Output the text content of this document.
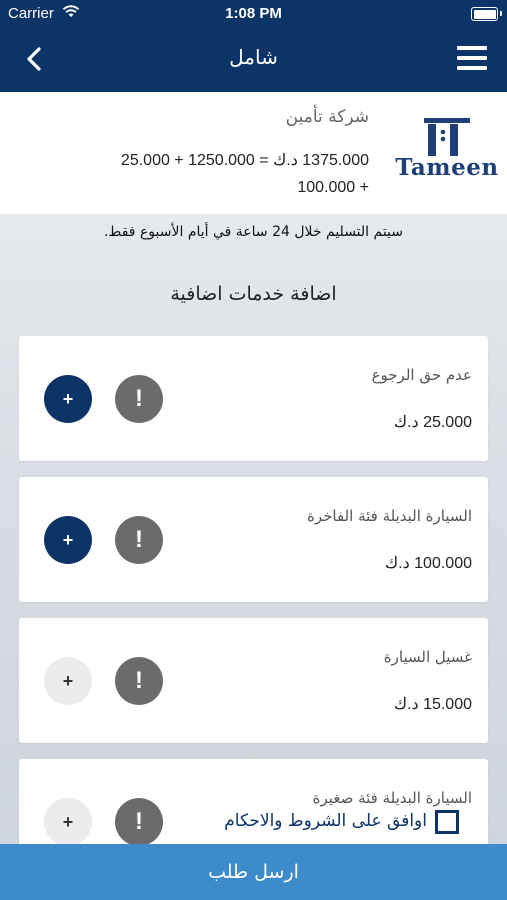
Carrier	1:08 PM
شامل
Tameen
شركة تأمين
1375.000 د.ك = 1250.000 + 25.000
+ 100.000
سيتم التسليم خلال 24 ساعة في أيام الأسبوع فقط.
اضافة خدمات اضافية
عدم حق الرجوع
25.000 د.ك
!
+
السيارة البديلة فئة الفاخرة
100.000 د.ك
!
+
غسيل السيارة
15.000 د.ك
!
+
السيارة البديلة فئة صغيرة
!
+	اوافق على الشروط والاحكام
ارسل طلب
